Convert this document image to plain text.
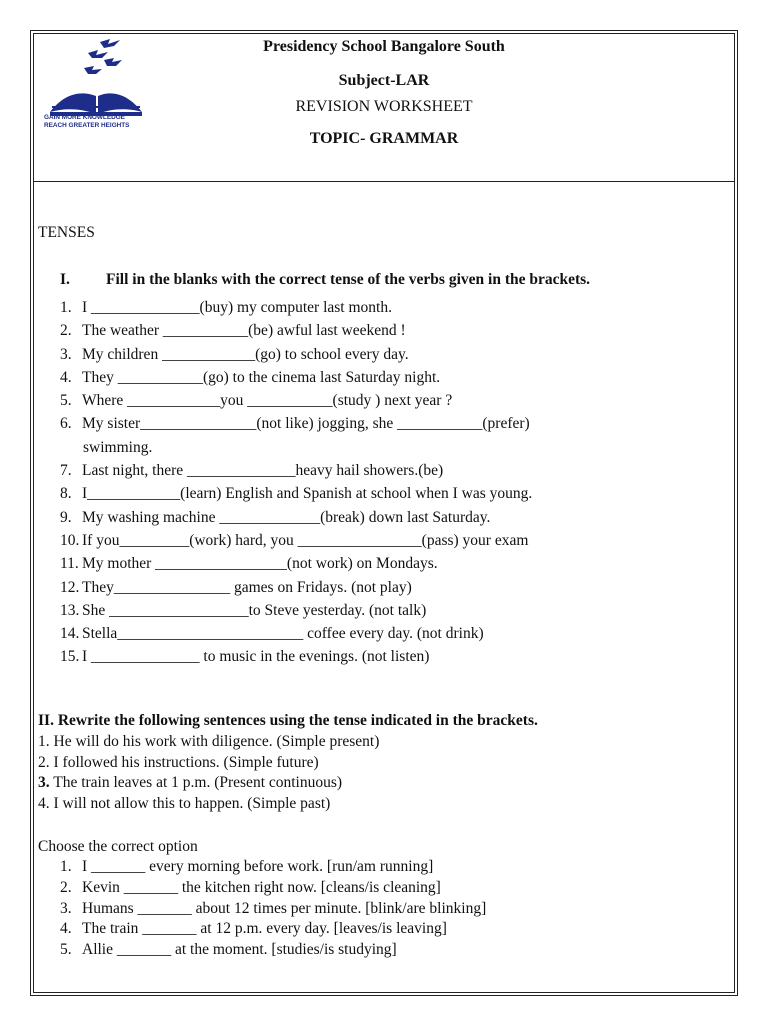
GAIN MORE KNOWLEDGE
REACH GREATER HEIGHTS
Presidency School Bangalore South
Subject-LAR
REVISION WORKSHEET
TOPIC- GRAMMAR
TENSES
I. Fill in the blanks with the correct tense of the verbs given in the brackets.
1. I ______________(buy) my computer last month.
2. The weather ___________(be) awful last weekend !
3. My children ____________(go) to school every day.
4. They ___________(go) to the cinema last Saturday night.
5. Where ____________you ___________(study ) next year ?
6. My sister_______________(not like) jogging, she ___________(prefer)
swimming.
7. Last night, there ______________heavy hail showers.(be)
8. I____________(learn) English and Spanish at school when I was young.
9. My washing machine _____________(break) down last Saturday.
10. If you_________(work) hard, you ________________(pass) your exam
11. My mother _________________(not work) on Mondays.
12. They_______________ games on Fridays. (not play)
13. She __________________to Steve yesterday. (not talk)
14. Stella________________________ coffee every day. (not drink)
15. I ______________ to music in the evenings. (not listen)
II. Rewrite the following sentences using the tense indicated in the brackets.
1. He will do his work with diligence. (Simple present)
2. I followed his instructions. (Simple future)
3. The train leaves at 1 p.m. (Present continuous)
4. I will not allow this to happen. (Simple past)
Choose the correct option
1. I _______ every morning before work. [run/am running]
2. Kevin _______ the kitchen right now. [cleans/is cleaning]
3. Humans _______ about 12 times per minute. [blink/are blinking]
4. The train _______ at 12 p.m. every day. [leaves/is leaving]
5. Allie _______ at the moment. [studies/is studying]
